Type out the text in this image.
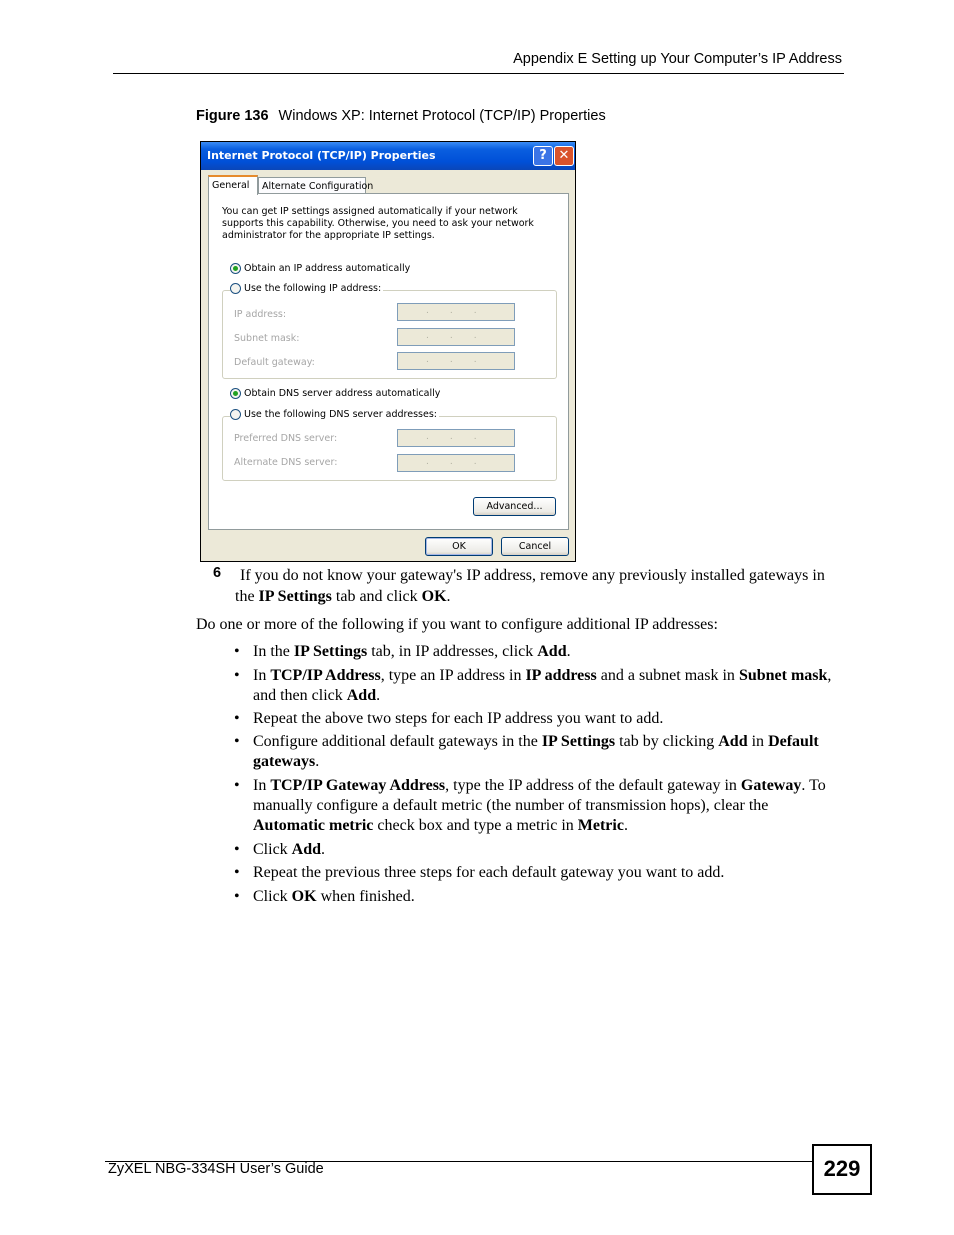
Appendix E Setting up Your Computer’s IP Address
Figure 136 Windows XP: Internet Protocol (TCP/IP) Properties
Internet Protocol (TCP/IP) Properties	? ✕
General	Alternate Configuration
You can get IP settings assigned automatically if your network supports this capability. Otherwise, you need to ask your network administrator for the appropriate IP settings.
Obtain an IP address automatically
IP address:	...
Subnet mask:	...
Default gateway:	...
Use the following IP address:
Obtain DNS server address automatically
Preferred DNS server:	...
Alternate DNS server:	...
Use the following DNS server addresses:
Advanced...
OK	Cancel
6	If you do not know your gateway's IP address, remove any previously installed gateways in the IP Settings tab and click OK.
Do one or more of the following if you want to configure additional IP addresses:
• In the IP Settings tab, in IP addresses, click Add.
• In TCP/IP Address, type an IP address in IP address and a subnet mask in Subnet mask, and then click Add.
• Repeat the above two steps for each IP address you want to add.
• Configure additional default gateways in the IP Settings tab by clicking Add in Default gateways.
• In TCP/IP Gateway Address, type the IP address of the default gateway in Gateway. To manually configure a default metric (the number of transmission hops), clear the Automatic metric check box and type a metric in Metric.
• Click Add.
• Repeat the previous three steps for each default gateway you want to add.
• Click OK when finished.
ZyXEL NBG-334SH User’s Guide	229
